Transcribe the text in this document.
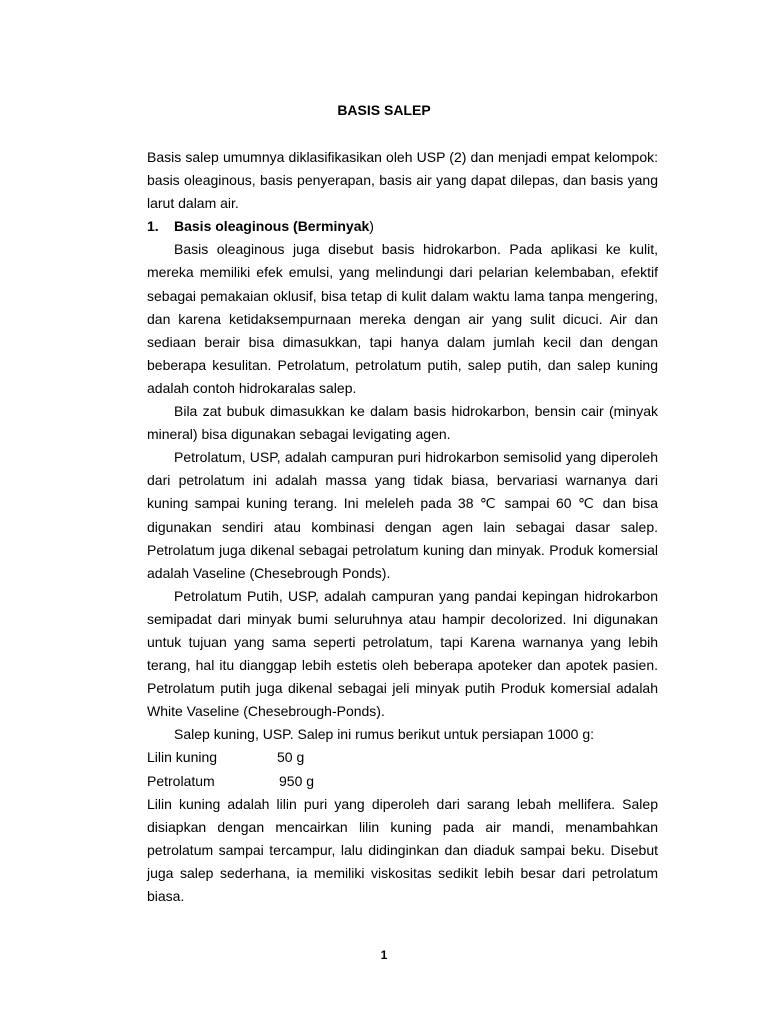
BASIS SALEP

Basis salep umumnya diklasifikasikan oleh USP (2) dan menjadi empat kelompok: basis oleaginous, basis penyerapan, basis air yang dapat dilepas, dan basis yang larut dalam air.

1.	Basis oleaginous (Berminyak)

Basis oleaginous juga disebut basis hidrokarbon. Pada aplikasi ke kulit, mereka memiliki efek emulsi, yang melindungi dari pelarian kelembaban, efektif sebagai pemakaian oklusif, bisa tetap di kulit dalam waktu lama tanpa mengering, dan karena ketidaksempurnaan mereka dengan air yang sulit dicuci. Air dan sediaan berair bisa dimasukkan, tapi hanya dalam jumlah kecil dan dengan beberapa kesulitan. Petrolatum, petrolatum putih, salep putih, dan salep kuning adalah contoh hidrokaralas salep.

Bila zat bubuk dimasukkan ke dalam basis hidrokarbon, bensin cair (minyak mineral) bisa digunakan sebagai levigating agen.

Petrolatum, USP, adalah campuran puri hidrokarbon semisolid yang diperoleh dari petrolatum ini adalah massa yang tidak biasa, bervariasi warnanya dari kuning sampai kuning terang. Ini meleleh pada 38 ℃ sampai 60 ℃ dan bisa digunakan sendiri atau kombinasi dengan agen lain sebagai dasar salep. Petrolatum juga dikenal sebagai petrolatum kuning dan minyak. Produk komersial adalah Vaseline (Chesebrough Ponds).

Petrolatum Putih, USP, adalah campuran yang pandai kepingan hidrokarbon semipadat dari minyak bumi seluruhnya atau hampir decolorized. Ini digunakan untuk tujuan yang sama seperti petrolatum, tapi Karena warnanya yang lebih terang, hal itu dianggap lebih estetis oleh beberapa apoteker dan apotek pasien. Petrolatum putih juga dikenal sebagai jeli minyak putih Produk komersial adalah White Vaseline (Chesebrough-Ponds).

Salep kuning, USP. Salep ini rumus berikut untuk persiapan 1000 g:

Lilin kuning	50 g
Petrolatum	950 g

Lilin kuning adalah lilin puri yang diperoleh dari sarang lebah mellifera. Salep disiapkan dengan mencairkan lilin kuning pada air mandi, menambahkan petrolatum sampai tercampur, lalu didinginkan dan diaduk sampai beku. Disebut juga salep sederhana, ia memiliki viskositas sedikit lebih besar dari petrolatum biasa.

1
